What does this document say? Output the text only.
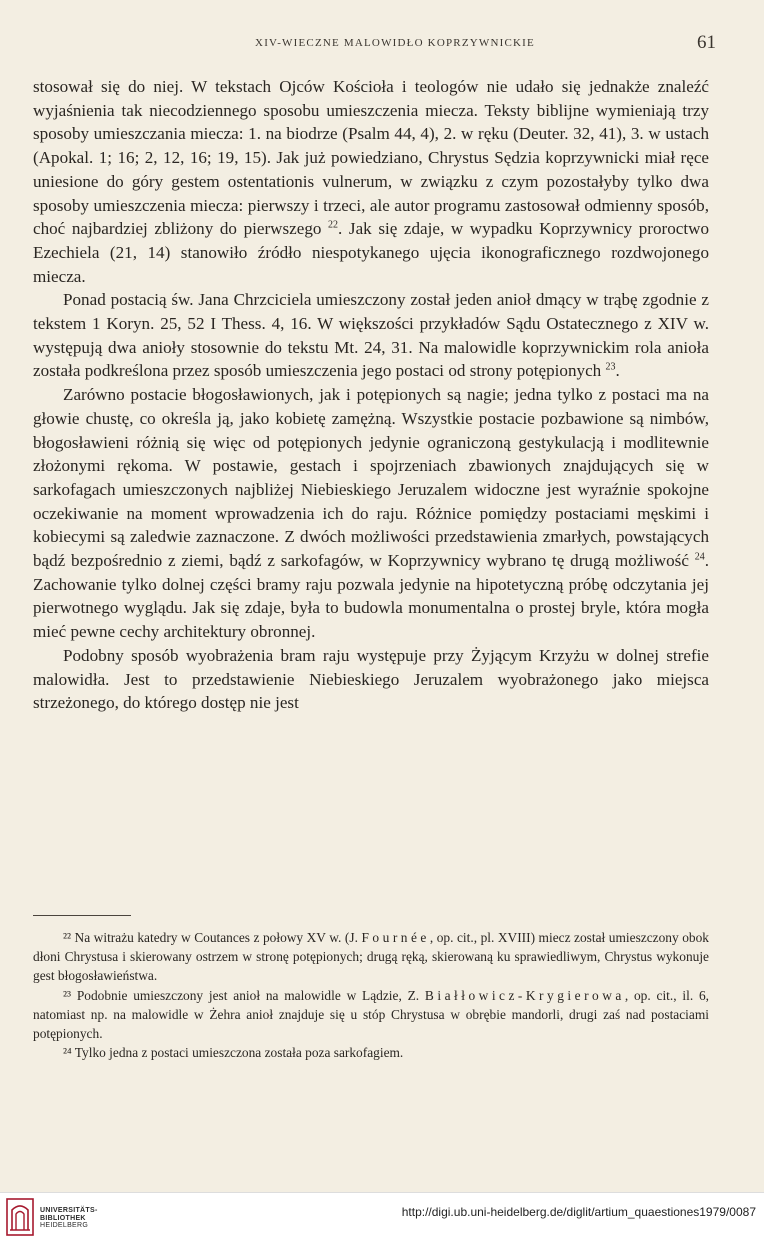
XIV-WIECZNE MALOWIDŁO KOPRZYWNICKIE	61

stosował się do niej. W tekstach Ojców Kościoła i teologów nie udało się jednakże znaleźć wyjaśnienia tak niecodziennego sposobu umieszczenia miecza. Teksty biblijne wymieniają trzy sposoby umieszczania miecza: 1. na biodrze (Psalm 44, 4), 2. w ręku (Deuter. 32, 41), 3. w ustach (Apokal. 1; 16; 2, 12, 16; 19, 15). Jak już powiedziano, Chrystus Sędzia koprzywnicki miał ręce uniesione do góry gestem ostentationis vulnerum, w związku z czym pozostałyby tylko dwa sposoby umieszczenia miecza: pierwszy i trzeci, ale autor programu zastosował odmienny sposób, choć najbardziej zbliżony do pierwszego $^{22}$. Jak się zdaje, w wypadku Koprzywnicy proroctwo Ezechiela (21, 14) stanowiło źródło niespotykanego ujęcia ikonograficznego rozdwojonego miecza.

Ponad postacią św. Jana Chrzciciela umieszczony został jeden anioł dmący w trąbę zgodnie z tekstem 1 Koryn. 25, 52 I Thess. 4, 16. W większości przykładów Sądu Ostatecznego z XIV w. występują dwa anioły stosownie do tekstu Mt. 24, 31. Na malowidle koprzywnickim rola anioła została podkreślona przez sposób umieszczenia jego postaci od strony potępionych $^{23}$.

Zarówno postacie błogosławionych, jak i potępionych są nagie; jedna tylko z postaci ma na głowie chustę, co określa ją, jako kobietę zamężną. Wszystkie postacie pozbawione są nimbów, błogosławieni różnią się więc od potępionych jedynie ograniczoną gestykulacją i modlitewnie złożonymi rękoma. W postawie, gestach i spojrzeniach zbawionych znajdujących się w sarkofagach umieszczonych najbliżej Niebieskiego Jeruzalem widoczne jest wyraźnie spokojne oczekiwanie na moment wprowadzenia ich do raju. Różnice pomiędzy postaciami męskimi i kobiecymi są zaledwie zaznaczone. Z dwóch możliwości przedstawienia zmarłych, powstających bądź bezpośrednio z ziemi, bądź z sarkofagów, w Koprzywnicy wybrano tę drugą możliwość $^{24}$. Zachowanie tylko dolnej części bramy raju pozwala jedynie na hipotetyczną próbę odczytania jej pierwotnego wyglądu. Jak się zdaje, była to budowla monumentalna o prostej bryle, która mogła mieć pewne cechy architektury obronnej.

Podobny sposób wyobrażenia bram raju występuje przy Żyjącym Krzyżu w dolnej strefie malowidła. Jest to przedstawienie Niebieskiego Jeruzalem wyobrażonego jako miejsca strzeżonego, do którego dostęp nie jest

²² Na witrażu katedry w Coutances z połowy XV w. (J. Fournée, op. cit., pl. XVIII) miecz został umieszczony obok dłoni Chrystusa i skierowany ostrzem w stronę potępionych; drugą ręką, skierowaną ku sprawiedliwym, Chrystus wykonuje gest błogosławieństwa.

²³ Podobnie umieszczony jest anioł na malowidle w Lądzie, Z. Białłowicz-Krygierowa, op. cit., il. 6, natomiast np. na malowidle w Żehra anioł znajduje się u stóp Chrystusa w obrębie mandorli, drugi zaś nad postaciami potępionych.

²⁴ Tylko jedna z postaci umieszczona została poza sarkofagiem.

UNIVERSITÄTS-
BIBLIOTHEK
HEIDELBERG
http://digi.ub.uni-heidelberg.de/diglit/artium_quaestiones1979/0087
